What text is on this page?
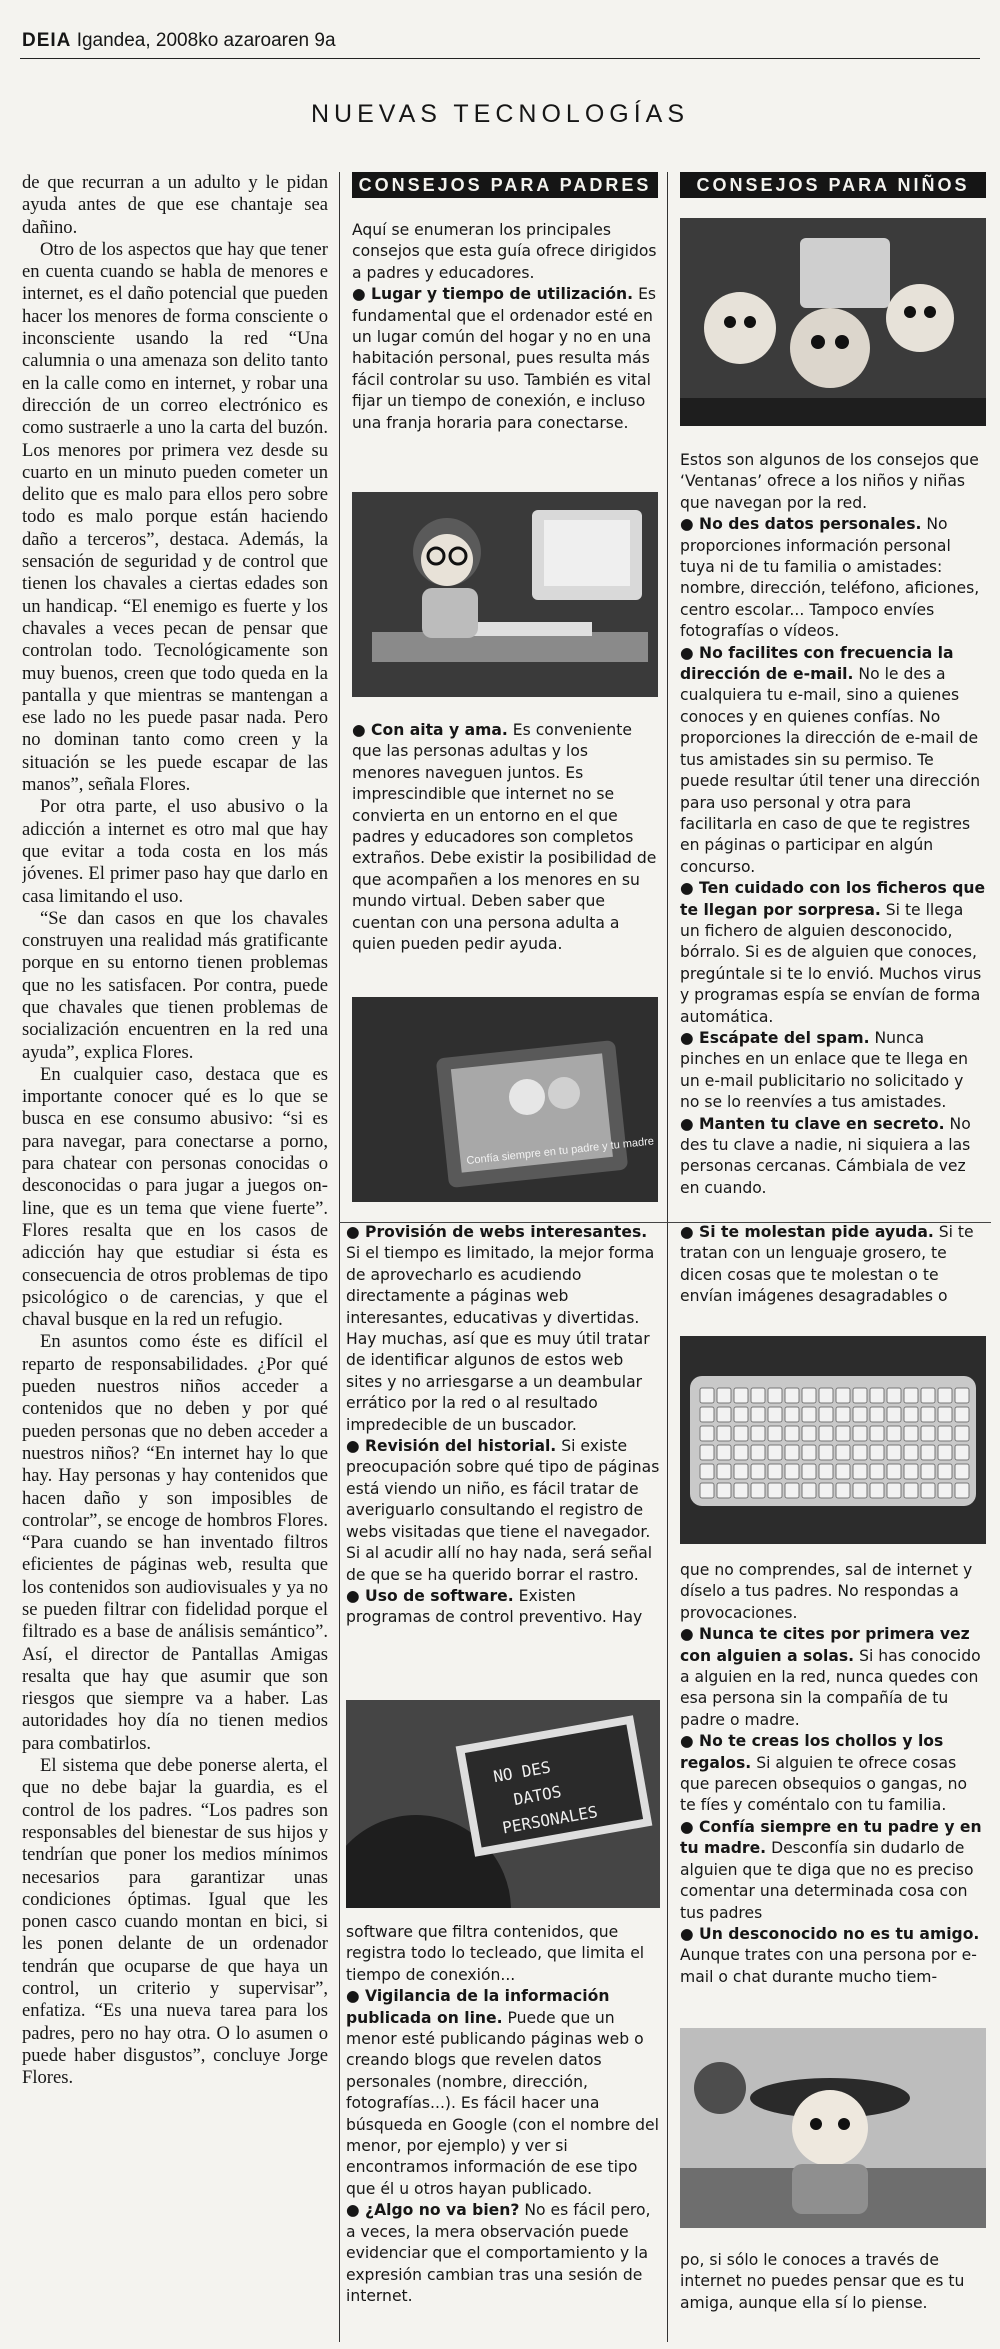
DEIA Igandea, 2008ko azaroaren 9a
NUEVAS TECNOLOGÍAS

de que recurran a un adulto y le pidan ayuda antes de que ese chantaje sea dañino.

Otro de los aspectos que hay que tener en cuenta cuando se habla de menores e internet, es el daño potencial que pueden hacer los menores de forma consciente o inconsciente usando la red “Una calumnia o una amenaza son delito tanto en la calle como en internet, y robar una dirección de un correo electrónico es como sustraerle a uno la carta del buzón. Los menores por primera vez desde su cuarto en un minuto pueden cometer un delito que es malo para ellos pero sobre todo es malo porque están haciendo daño a terceros”, destaca. Además, la sensación de seguridad y de control que tienen los chavales a ciertas edades son un handicap. “El enemigo es fuerte y los chavales a veces pecan de pensar que controlan todo. Tecnológicamente son muy buenos, creen que todo queda en la pantalla y que mientras se mantengan a ese lado no les puede pasar nada. Pero no dominan tanto como creen y la situación se les puede escapar de las manos”, señala Flores.

Por otra parte, el uso abusivo o la adicción a internet es otro mal que hay que evitar a toda costa en los más jóvenes. El primer paso hay que darlo en casa limitando el uso.

“Se dan casos en que los chavales construyen una realidad más gratificante porque en su entorno tienen problemas que no les satisfacen. Por contra, puede que chavales que tienen problemas de socialización encuentren en la red una ayuda”, explica Flores.

En cualquier caso, destaca que es importante conocer qué es lo que se busca en ese consumo abusivo: “si es para navegar, para conectarse a porno, para chatear con personas conocidas o desconocidas o para jugar a juegos on-line, que es un tema que viene fuerte”. Flores resalta que en los casos de adicción hay que estudiar si ésta es consecuencia de otros problemas de tipo psicológico o de carencias, y que el chaval busque en la red un refugio.

En asuntos como éste es difícil el reparto de responsabilidades. ¿Por qué pueden nuestros niños acceder a contenidos que no deben y por qué pueden personas que no deben acceder a nuestros niños? “En internet hay lo que hay. Hay personas y hay contenidos que hacen daño y son imposibles de controlar”, se encoge de hombros Flores. “Para cuando se han inventado filtros eficientes de páginas web, resulta que los contenidos son audiovisuales y ya no se pueden filtrar con fidelidad porque el filtrado es a base de análisis semántico”. Así, el director de Pantallas Amigas resalta que hay que asumir que son riesgos que siempre va a haber. Las autoridades hoy día no tienen medios para combatirlos.

El sistema que debe ponerse alerta, el que no debe bajar la guardia, es el control de los padres. “Los padres son responsables del bienestar de sus hijos y tendrían que poner los medios mínimos necesarios para garantizar unas condiciones óptimas. Igual que les ponen casco cuando montan en bici, si les ponen delante de un ordenador tendrán que ocuparse de que haya un control, un criterio y supervisar”, enfatiza. “Es una nueva tarea para los padres, pero no hay otra. O lo asumen o puede haber disgustos”, concluye Jorge Flores.

CONSEJOS PARA PADRES	CONSEJOS PARA NIÑOS

Aquí se enumeran los principales consejos que esta guía ofrece dirigidos a padres y educadores.

● Lugar y tiempo de utilización. Es fundamental que el ordenador esté en un lugar común del hogar y no en una habitación personal, pues resulta más fácil controlar su uso. También es vital fijar un tiempo de conexión, e incluso una franja horaria para conectarse.

● Con aita y ama. Es conveniente que las personas adultas y los menores naveguen juntos. Es imprescindible que internet no se convierta en un entorno en el que padres y educadores son completos extraños. Debe existir la posibilidad de que acompañen a los menores en su mundo virtual. Deben saber que cuentan con una persona adulta a quien pueden pedir ayuda.

Confía siempre en tu padre y tu madre

● Provisión de webs interesantes. Si el tiempo es limitado, la mejor forma de aprovecharlo es acudiendo directamente a páginas web interesantes, educativas y divertidas. Hay muchas, así que es muy útil tratar de identificar algunos de estos web sites y no arriesgarse a un deambular errático por la red o al resultado impredecible de un buscador.

● Revisión del historial. Si existe preocupación sobre qué tipo de páginas está viendo un niño, es fácil tratar de averiguarlo consultando el registro de webs visitadas que tiene el navegador. Si al acudir allí no hay nada, será señal de que se ha querido borrar el rastro.

● Uso de software. Existen programas de control preventivo. Hay

NO DES
DATOS
PERSONALES

software que filtra contenidos, que registra todo lo tecleado, que limita el tiempo de conexión...

● Vigilancia de la información publicada on line. Puede que un menor esté publicando páginas web o creando blogs que revelen datos personales (nombre, dirección, fotografías...). Es fácil hacer una búsqueda en Google (con el nombre del menor, por ejemplo) y ver si encontramos información de ese tipo que él u otros hayan publicado.

● ¿Algo no va bien? No es fácil pero, a veces, la mera observación puede evidenciar que el comportamiento y la expresión cambian tras una sesión de internet.

Estos son algunos de los consejos que ‘Ventanas’ ofrece a los niños y niñas que navegan por la red.

● No des datos personales. No proporciones información personal tuya ni de tu familia o amistades: nombre, dirección, teléfono, aficiones, centro escolar... Tampoco envíes fotografías o vídeos.

● No facilites con frecuencia la dirección de e-mail. No le des a cualquiera tu e-mail, sino a quienes conoces y en quienes confías. No proporciones la dirección de e-mail de tus amistades sin su permiso. Te puede resultar útil tener una dirección para uso personal y otra para facilitarla en caso de que te registres en páginas o participar en algún concurso.

● Ten cuidado con los ficheros que te llegan por sorpresa. Si te llega un fichero de alguien desconocido, bórralo. Si es de alguien que conoces, pregúntale si te lo envió. Muchos virus y programas espía se envían de forma automática.

● Escápate del spam. Nunca pinches en un enlace que te llega en un e-mail publicitario no solicitado y no se lo reenvíes a tus amistades.

● Manten tu clave en secreto. No des tu clave a nadie, ni siquiera a las personas cercanas. Cámbiala de vez en cuando.

● Si te molestan pide ayuda. Si te tratan con un lenguaje grosero, te dicen cosas que te molestan o te envían imágenes desagradables o

que no comprendes, sal de internet y díselo a tus padres. No respondas a provocaciones.

● Nunca te cites por primera vez con alguien a solas. Si has conocido a alguien en la red, nunca quedes con esa persona sin la compañía de tu padre o madre.

● No te creas los chollos y los regalos. Si alguien te ofrece cosas que parecen obsequios o gangas, no te fíes y coméntalo con tu familia.

● Confía siempre en tu padre y en tu madre. Desconfía sin dudarlo de alguien que te diga que no es preciso comentar una determinada cosa con tus padres

● Un desconocido no es tu amigo. Aunque trates con una persona por e-mail o chat durante mucho tiem-

po, si sólo le conoces a través de internet no puedes pensar que es tu amiga, aunque ella sí lo piense.
